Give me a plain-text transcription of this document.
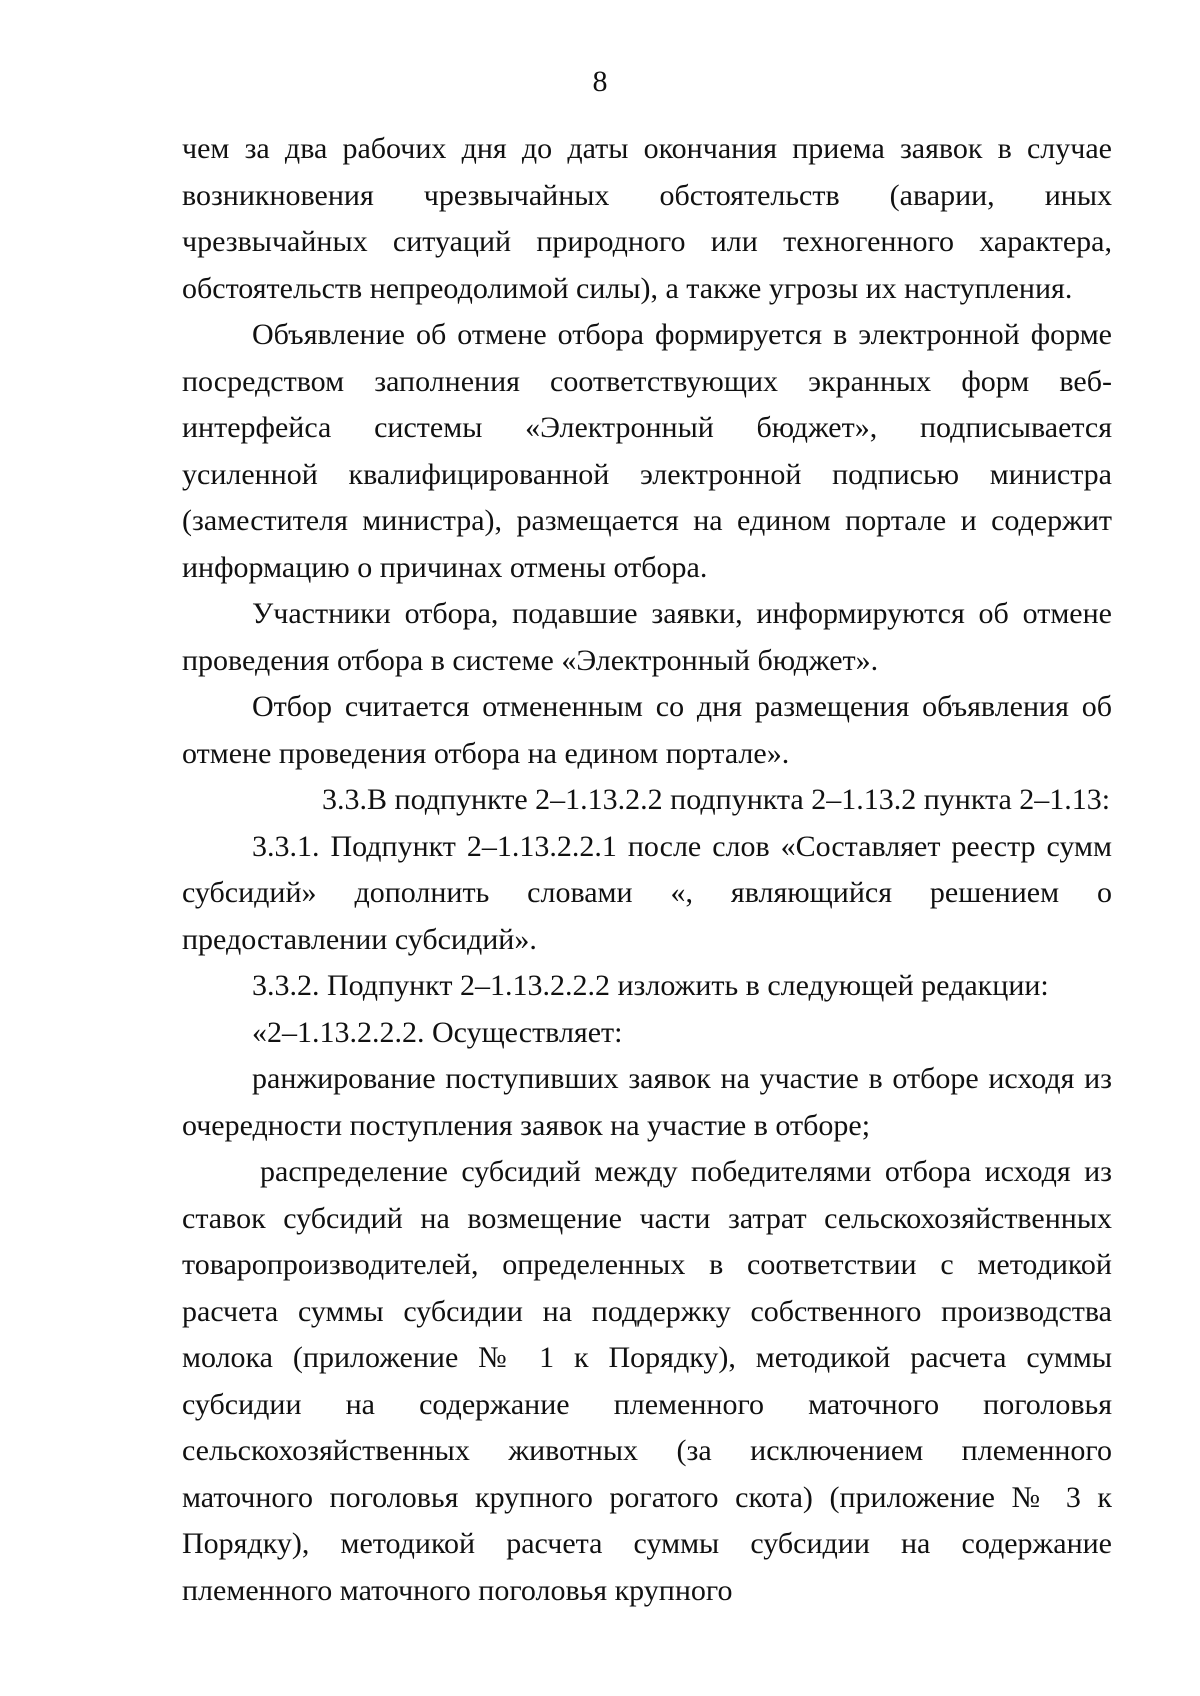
8

чем за два рабочих дня до даты окончания приема заявок в случае возникновения чрезвычайных обстоятельств (аварии, иных чрезвычайных ситуаций природного или техногенного характера, обстоятельств непреодолимой силы), а также угрозы их наступления.

Объявление об отмене отбора формируется в электронной форме посредством заполнения соответствующих экранных форм веб-интерфейса системы «Электронный бюджет», подписывается усиленной квалифицированной электронной подписью министра (заместителя министра), размещается на едином портале и содержит информацию о причинах отмены отбора.

Участники отбора, подавшие заявки, информируются об отмене проведения отбора в системе «Электронный бюджет».

Отбор считается отмененным со дня размещения объявления об отмене проведения отбора на едином портале».

3.3.В подпункте 2–1.13.2.2 подпункта 2–1.13.2 пункта 2–1.13:

3.3.1. Подпункт 2–1.13.2.2.1 после слов «Составляет реестр сумм субсидий» дополнить словами «, являющийся решением о предоставлении субсидий».

3.3.2. Подпункт 2–1.13.2.2.2 изложить в следующей редакции:

«2–1.13.2.2.2. Осуществляет:

ранжирование поступивших заявок на участие в отборе исходя из очередности поступления заявок на участие в отборе;

распределение субсидий между победителями отбора исходя из ставок субсидий на возмещение части затрат сельскохозяйственных товаропроизводителей, определенных в соответствии с методикой расчета суммы субсидии на поддержку собственного производства молока (приложение № 1 к Порядку), методикой расчета суммы субсидии на содержание племенного маточного поголовья сельскохозяйственных животных (за исключением племенного маточного поголовья крупного рогатого скота) (приложение № 3 к Порядку), методикой расчета суммы субсидии на содержание племенного маточного поголовья крупного
